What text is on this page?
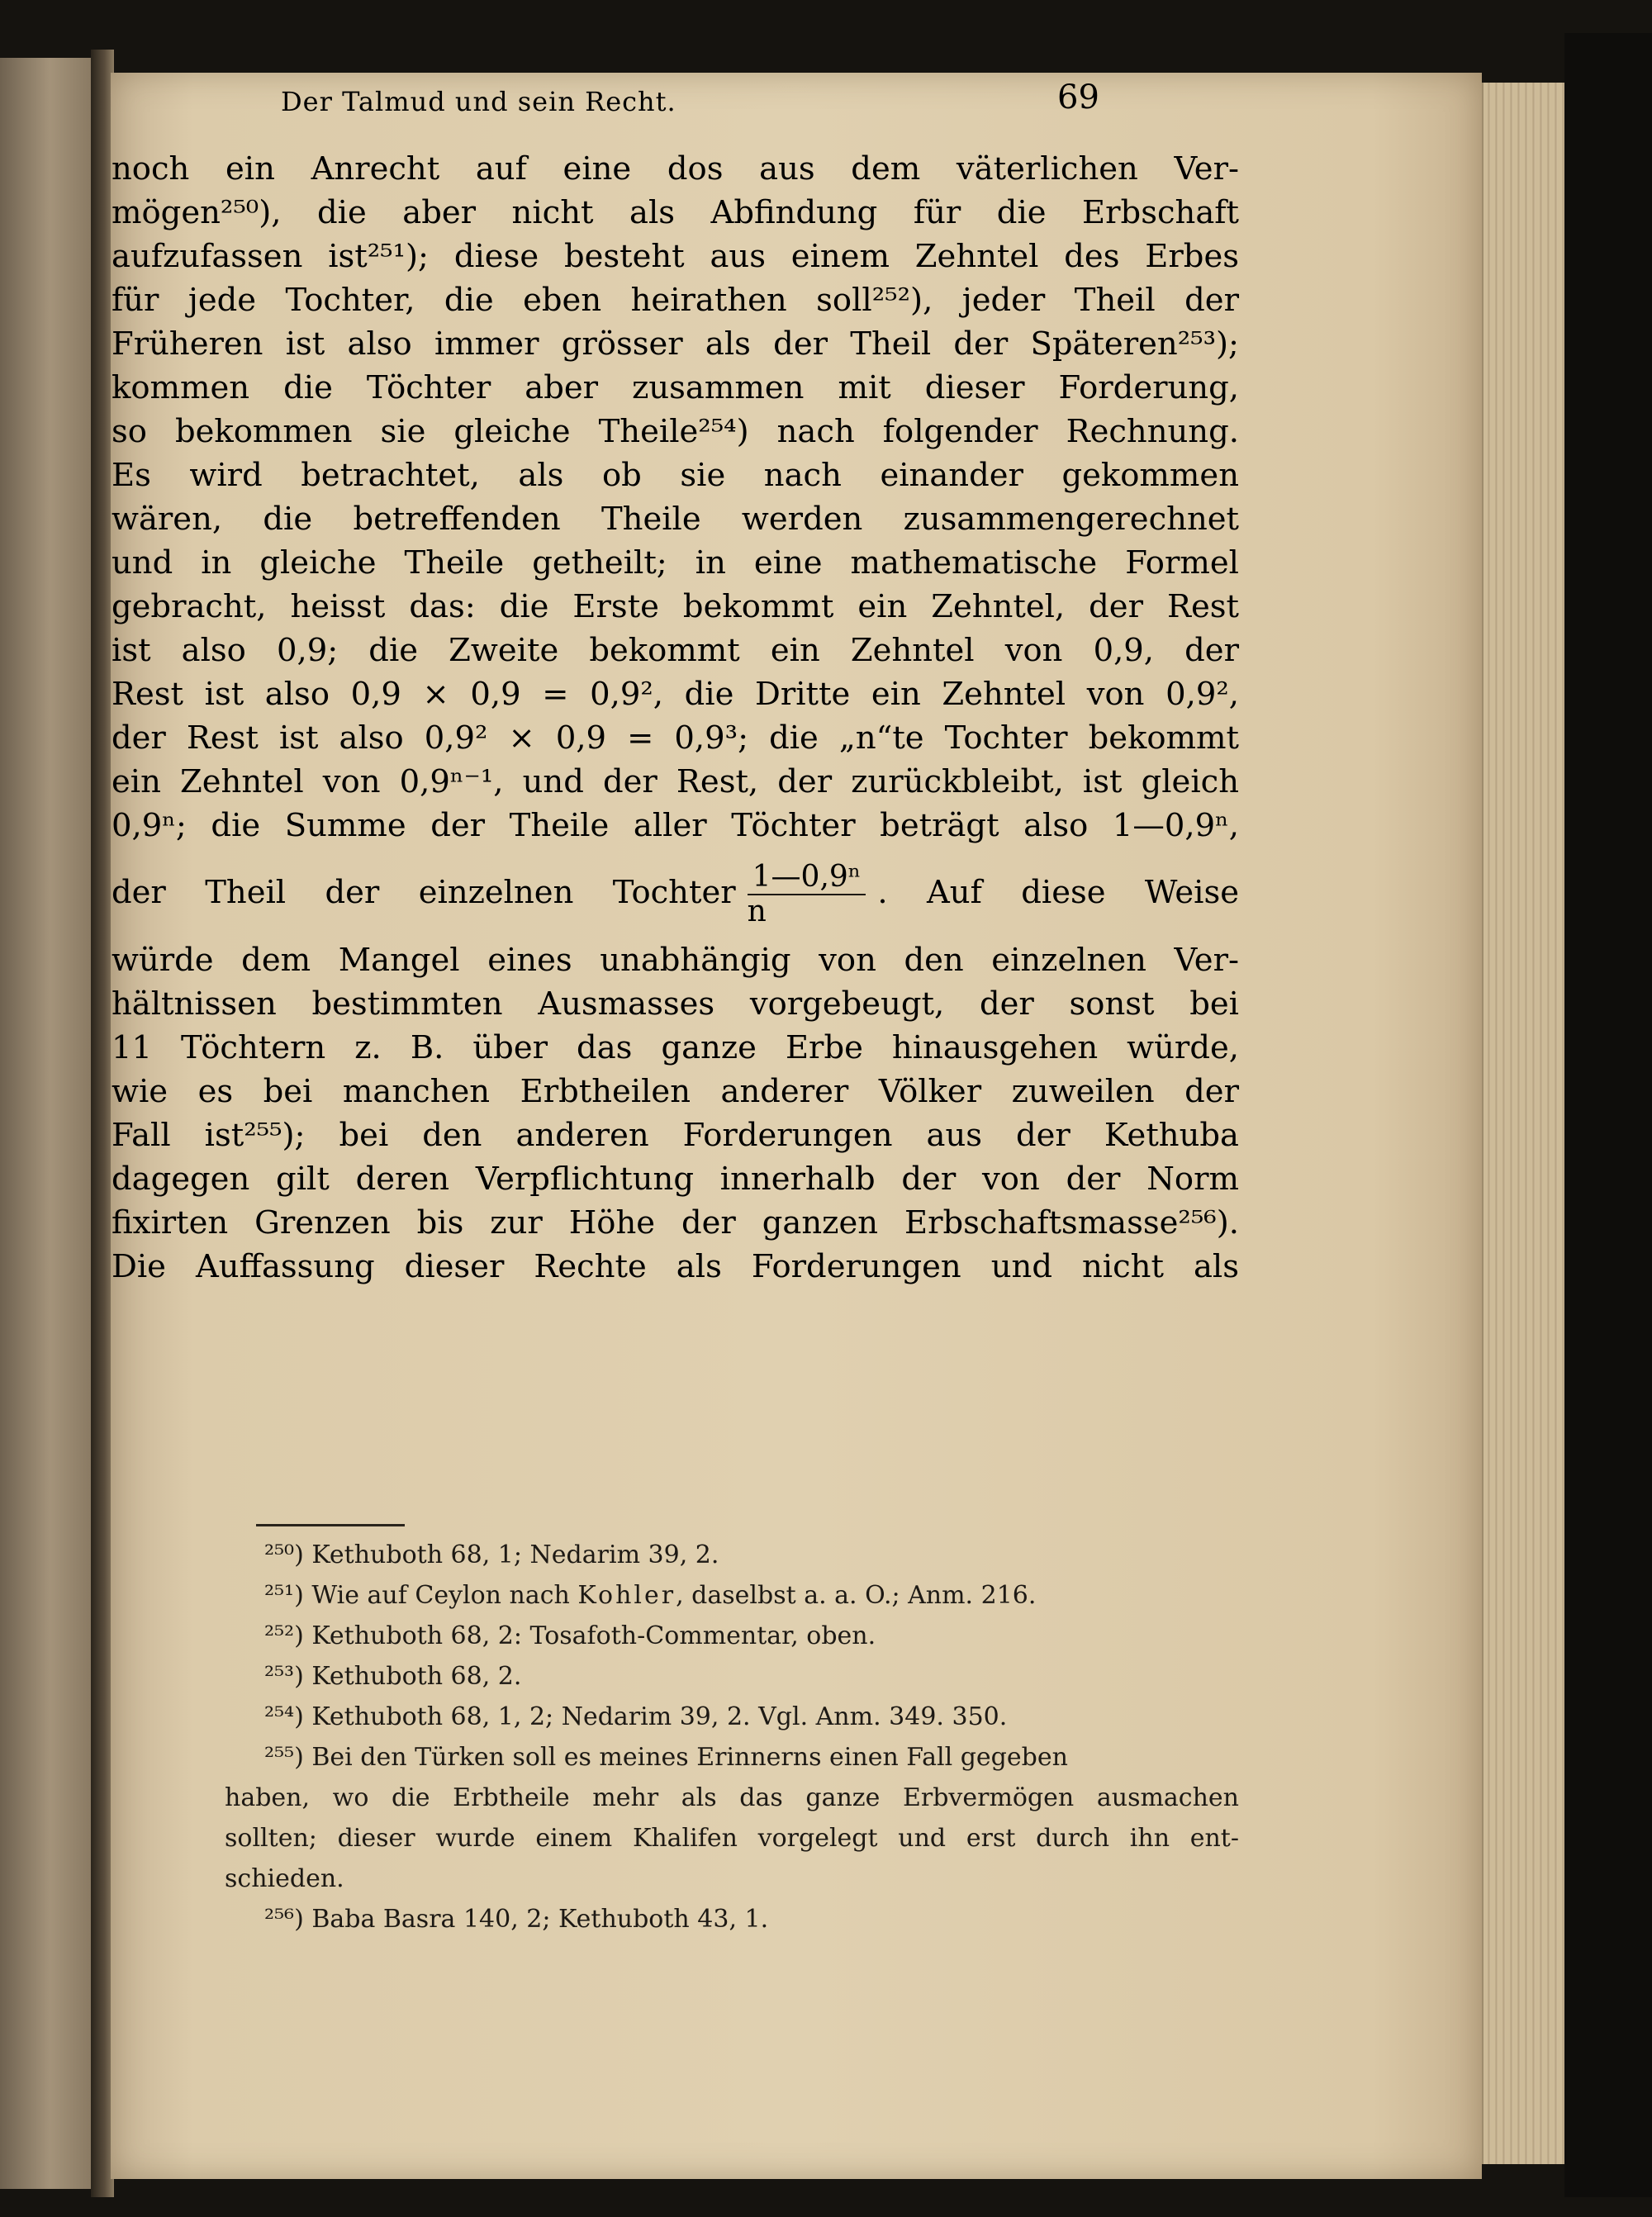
Der Talmud und sein Recht.	69
noch ein Anrecht auf eine dos aus dem väterlichen Ver-
mögen²⁵⁰), die aber nicht als Abfindung für die Erbschaft
aufzufassen ist²⁵¹); diese besteht aus einem Zehntel des Erbes
für jede Tochter, die eben heirathen soll²⁵²), jeder Theil der
Früheren ist also immer grösser als der Theil der Späteren²⁵³);
kommen die Töchter aber zusammen mit dieser Forderung,
so bekommen sie gleiche Theile²⁵⁴) nach folgender Rechnung.
Es wird betrachtet, als ob sie nach einander gekommen
wären, die betreffenden Theile werden zusammengerechnet
und in gleiche Theile getheilt; in eine mathematische Formel
gebracht, heisst das: die Erste bekommt ein Zehntel, der Rest
ist also 0,9; die Zweite bekommt ein Zehntel von 0,9, der
Rest ist also 0,9 × 0,9 = 0,9², die Dritte ein Zehntel von 0,9²,
der Rest ist also 0,9² × 0,9 = 0,9³; die „n“te Tochter bekommt
ein Zehntel von 0,9ⁿ⁻¹, und der Rest, der zurückbleibt, ist gleich
0,9ⁿ; die Summe der Theile aller Töchter beträgt also 1—0,9ⁿ,
der Theil der einzelnen Tochter $\frac{\text{1—0,9ⁿ}}{n}$ . Auf diese Weise
würde dem Mangel eines unabhängig von den einzelnen Ver-
hältnissen bestimmten Ausmasses vorgebeugt, der sonst bei
11 Töchtern z. B. über das ganze Erbe hinausgehen würde,
wie es bei manchen Erbtheilen anderer Völker zuweilen der
Fall ist²⁵⁵); bei den anderen Forderungen aus der Kethuba
dagegen gilt deren Verpflichtung innerhalb der von der Norm
fixirten Grenzen bis zur Höhe der ganzen Erbschaftsmasse²⁵⁶).
Die Auffassung dieser Rechte als Forderungen und nicht als
²⁵⁰) Kethuboth 68, 1; Nedarim 39, 2.
²⁵¹) Wie auf Ceylon nach Kohler, daselbst a. a. O.; Anm. 216.
²⁵²) Kethuboth 68, 2: Tosafoth-Commentar, oben.
²⁵³) Kethuboth 68, 2.
²⁵⁴) Kethuboth 68, 1, 2; Nedarim 39, 2. Vgl. Anm. 349. 350.
²⁵⁵) Bei den Türken soll es meines Erinnerns einen Fall gegeben
haben, wo die Erbtheile mehr als das ganze Erbvermögen ausmachen
sollten; dieser wurde einem Khalifen vorgelegt und erst durch ihn ent-
schieden.
²⁵⁶) Baba Basra 140, 2; Kethuboth 43, 1.
